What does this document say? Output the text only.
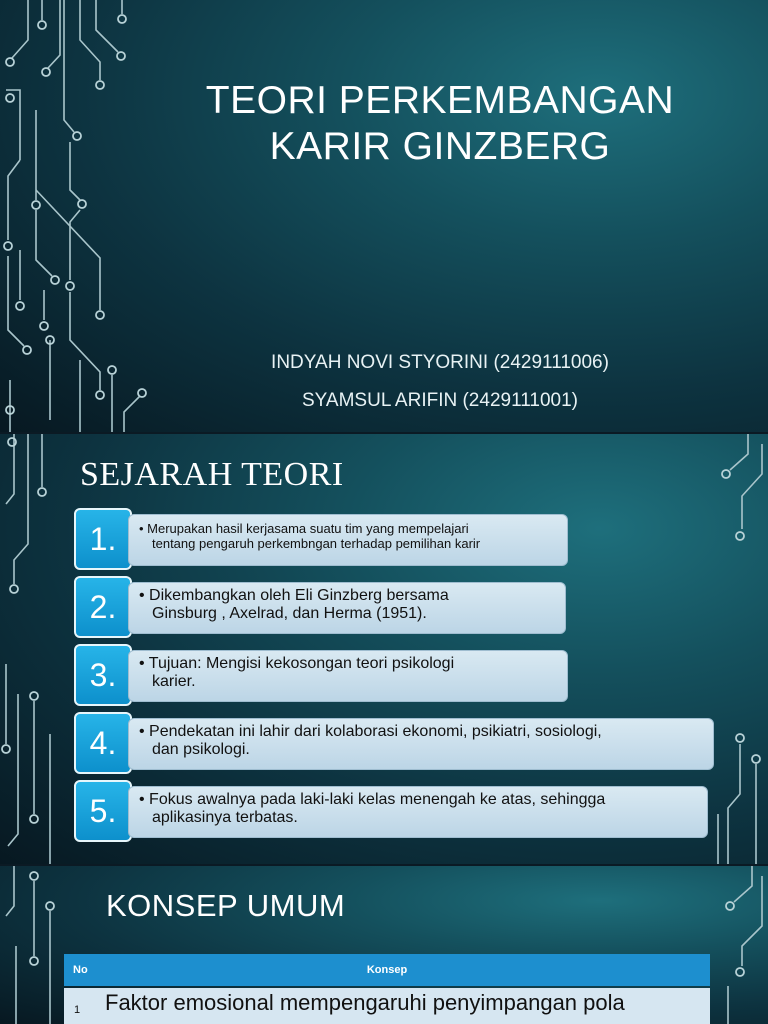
TEORI PERKEMBANGAN
KARIR GINZBERG
INDYAH NOVI STYORINI (2429111006)
SYAMSUL ARIFIN (2429111001)
SEJARAH TEORI
1.	• Merupakan hasil kerjasama suatu tim yang mempelajari
tentang pengaruh perkembngan terhadap pemilihan karir
2.	• Dikembangkan oleh Eli Ginzberg bersama
Ginsburg , Axelrad, dan Herma (1951).
3.	• Tujuan: Mengisi kekosongan teori psikologi
karier.
4.	• Pendekatan ini lahir dari kolaborasi ekonomi, psikiatri, sosiologi,
dan psikologi.
5.	• Fokus awalnya pada laki-laki kelas menengah ke atas, sehingga
aplikasinya terbatas.
KONSEP UMUM
No	Konsep
1 Faktor emosional mempengaruhi penyimpangan pola
